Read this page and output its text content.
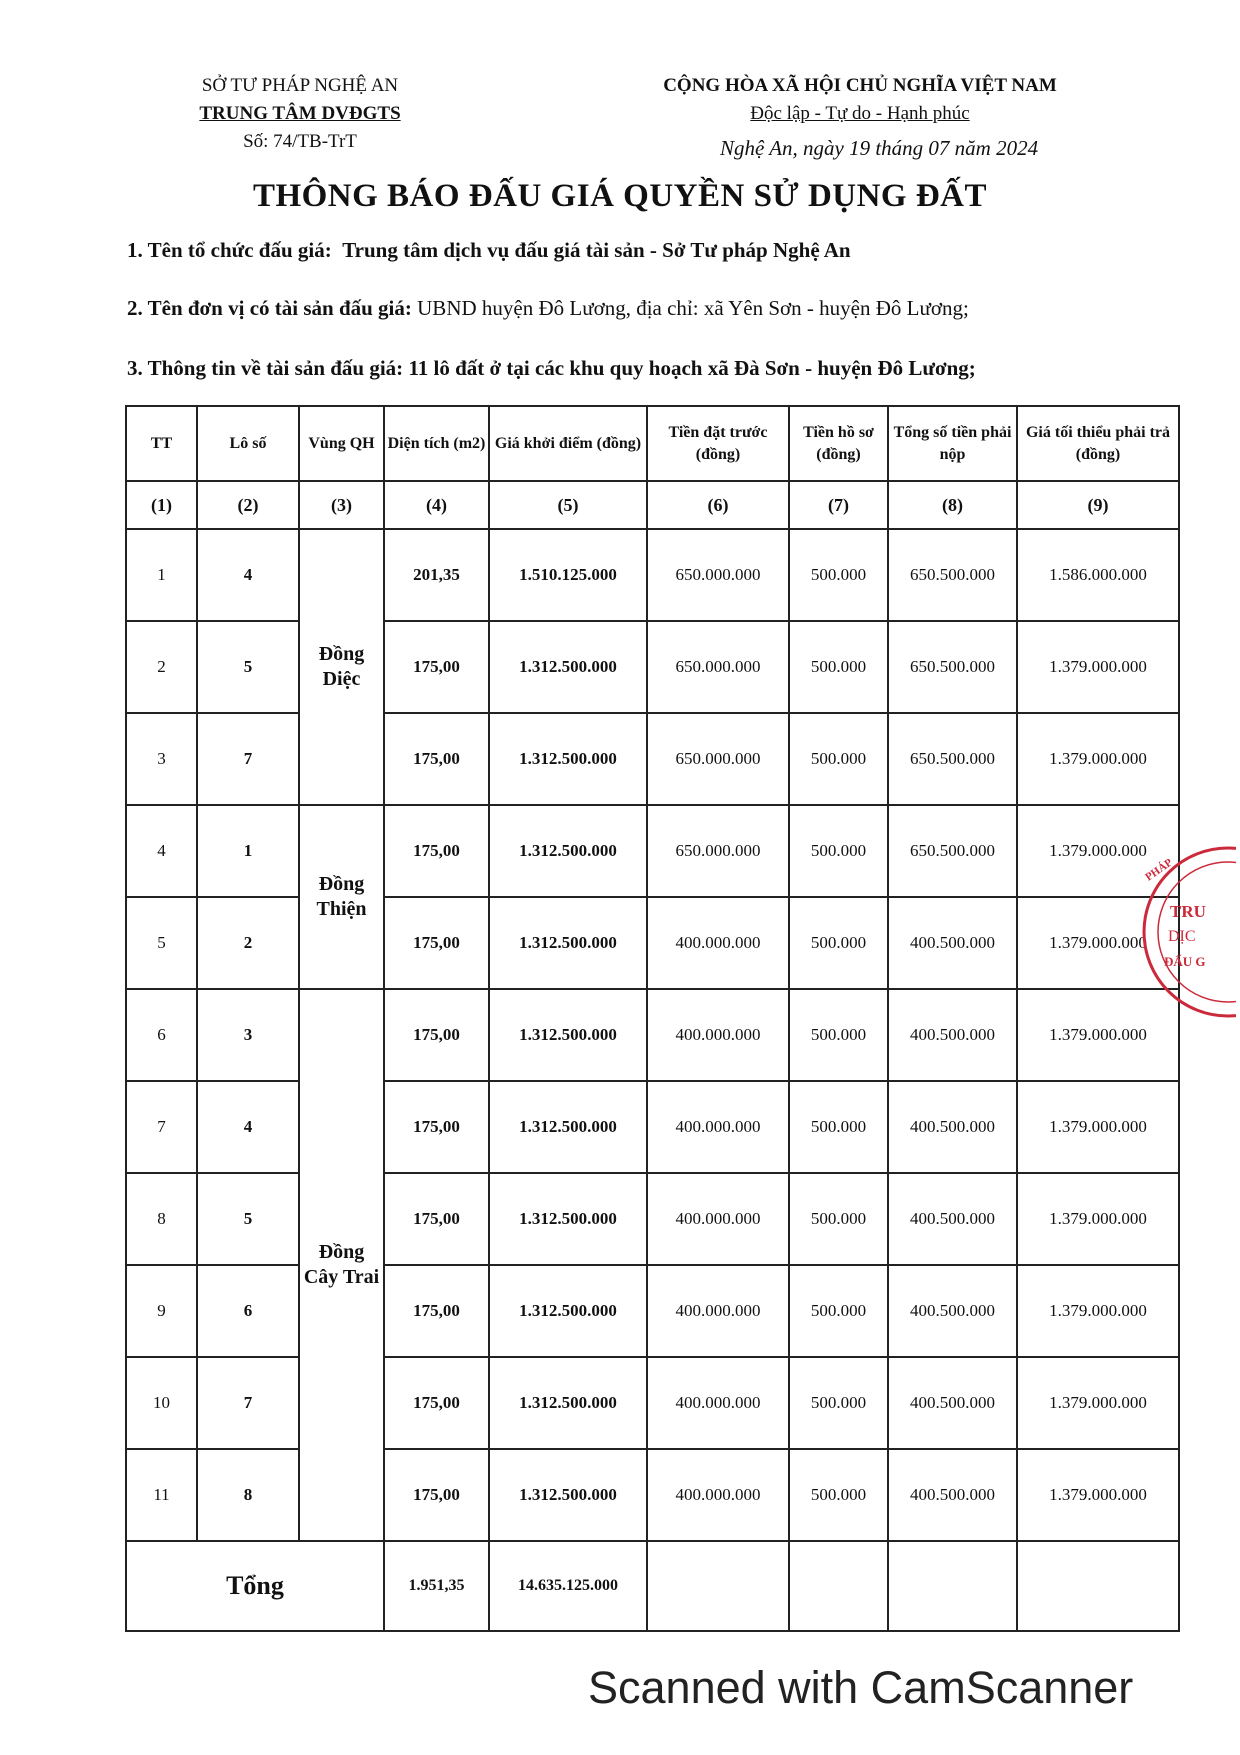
SỞ TƯ PHÁP NGHỆ AN
TRUNG TÂM DVĐGTS
Số: 74/TB-TrT
CỘNG HÒA XÃ HỘI CHỦ NGHĨA VIỆT NAM
Độc lập - Tự do - Hạnh phúc
Nghệ An, ngày 19 tháng 07 năm 2024
THÔNG BÁO ĐẤU GIÁ QUYỀN SỬ DỤNG ĐẤT
1. Tên tổ chức đấu giá: Trung tâm dịch vụ đấu giá tài sản - Sở Tư pháp Nghệ An
2. Tên đơn vị có tài sản đấu giá: UBND huyện Đô Lương, địa chỉ: xã Yên Sơn - huyện Đô Lương;
3. Thông tin về tài sản đấu giá: 11 lô đất ở tại các khu quy hoạch xã Đà Sơn - huyện Đô Lương;
TT	Lô số	Vùng QH	Diện tích (m2)	Giá khởi điểm (đồng)	Tiền đặt trước (đồng)	Tiền hồ sơ (đồng)	Tổng số tiền phải nộp	Giá tối thiểu phải trả (đồng)
(1)	(2)	(3)	(4)	(5)	(6)	(7)	(8)	(9)
1	4	Đồng Diệc	201,35	1.510.125.000	650.000.000	500.000	650.500.000	1.586.000.000
2	5		175,00	1.312.500.000	650.000.000	500.000	650.500.000	1.379.000.000
3	7		175,00	1.312.500.000	650.000.000	500.000	650.500.000	1.379.000.000
4	1	Đồng Thiện	175,00	1.312.500.000	650.000.000	500.000	650.500.000	1.379.000.000
5	2		175,00	1.312.500.000	400.000.000	500.000	400.500.000	1.379.000.000
6	3	Đồng Cây Trai	175,00	1.312.500.000	400.000.000	500.000	400.500.000	1.379.000.000
7	4		175,00	1.312.500.000	400.000.000	500.000	400.500.000	1.379.000.000
8	5		175,00	1.312.500.000	400.000.000	500.000	400.500.000	1.379.000.000
9	6		175,00	1.312.500.000	400.000.000	500.000	400.500.000	1.379.000.000
10	7		175,00	1.312.500.000	400.000.000	500.000	400.500.000	1.379.000.000
11	8		175,00	1.312.500.000	400.000.000	500.000	400.500.000	1.379.000.000
Tổng			1.951,35	14.635.125.000				
PHÁP
TRU
DỊC
ĐẤU G
Scanned with CamScanner
